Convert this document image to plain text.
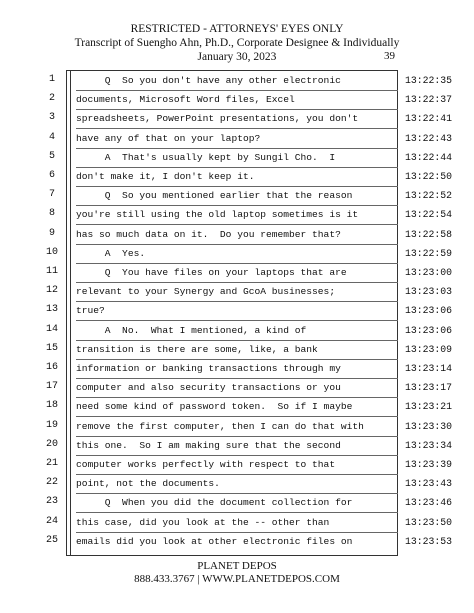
RESTRICTED - ATTORNEYS' EYES ONLY
Transcript of Suengho Ahn, Ph.D., Corporate Designee & Individually
January 30, 2023	39
1	Q  So you don't have any other electronic	13:22:35
2	documents, Microsoft Word files, Excel	13:22:37
3	spreadsheets, PowerPoint presentations, you don't	13:22:41
4	have any of that on your laptop?	13:22:43
5	A  That's usually kept by Sungil Cho.  I	13:22:44
6	don't make it, I don't keep it.	13:22:50
7	Q  So you mentioned earlier that the reason	13:22:52
8	you're still using the old laptop sometimes is it	13:22:54
9	has so much data on it.  Do you remember that?	13:22:58
10	A  Yes.	13:22:59
11	Q  You have files on your laptops that are	13:23:00
12	relevant to your Synergy and GcoA businesses;	13:23:03
13	true?	13:23:06
14	A  No.  What I mentioned, a kind of	13:23:06
15	transition is there are some, like, a bank	13:23:09
16	information or banking transactions through my	13:23:14
17	computer and also security transactions or you	13:23:17
18	need some kind of password token.  So if I maybe	13:23:21
19	remove the first computer, then I can do that with	13:23:30
20	this one.  So I am making sure that the second	13:23:34
21	computer works perfectly with respect to that	13:23:39
22	point, not the documents.	13:23:43
23	Q  When you did the document collection for	13:23:46
24	this case, did you look at the -- other than	13:23:50
25	emails did you look at other electronic files on	13:23:53
PLANET DEPOS
888.433.3767 | WWW.PLANETDEPOS.COM
